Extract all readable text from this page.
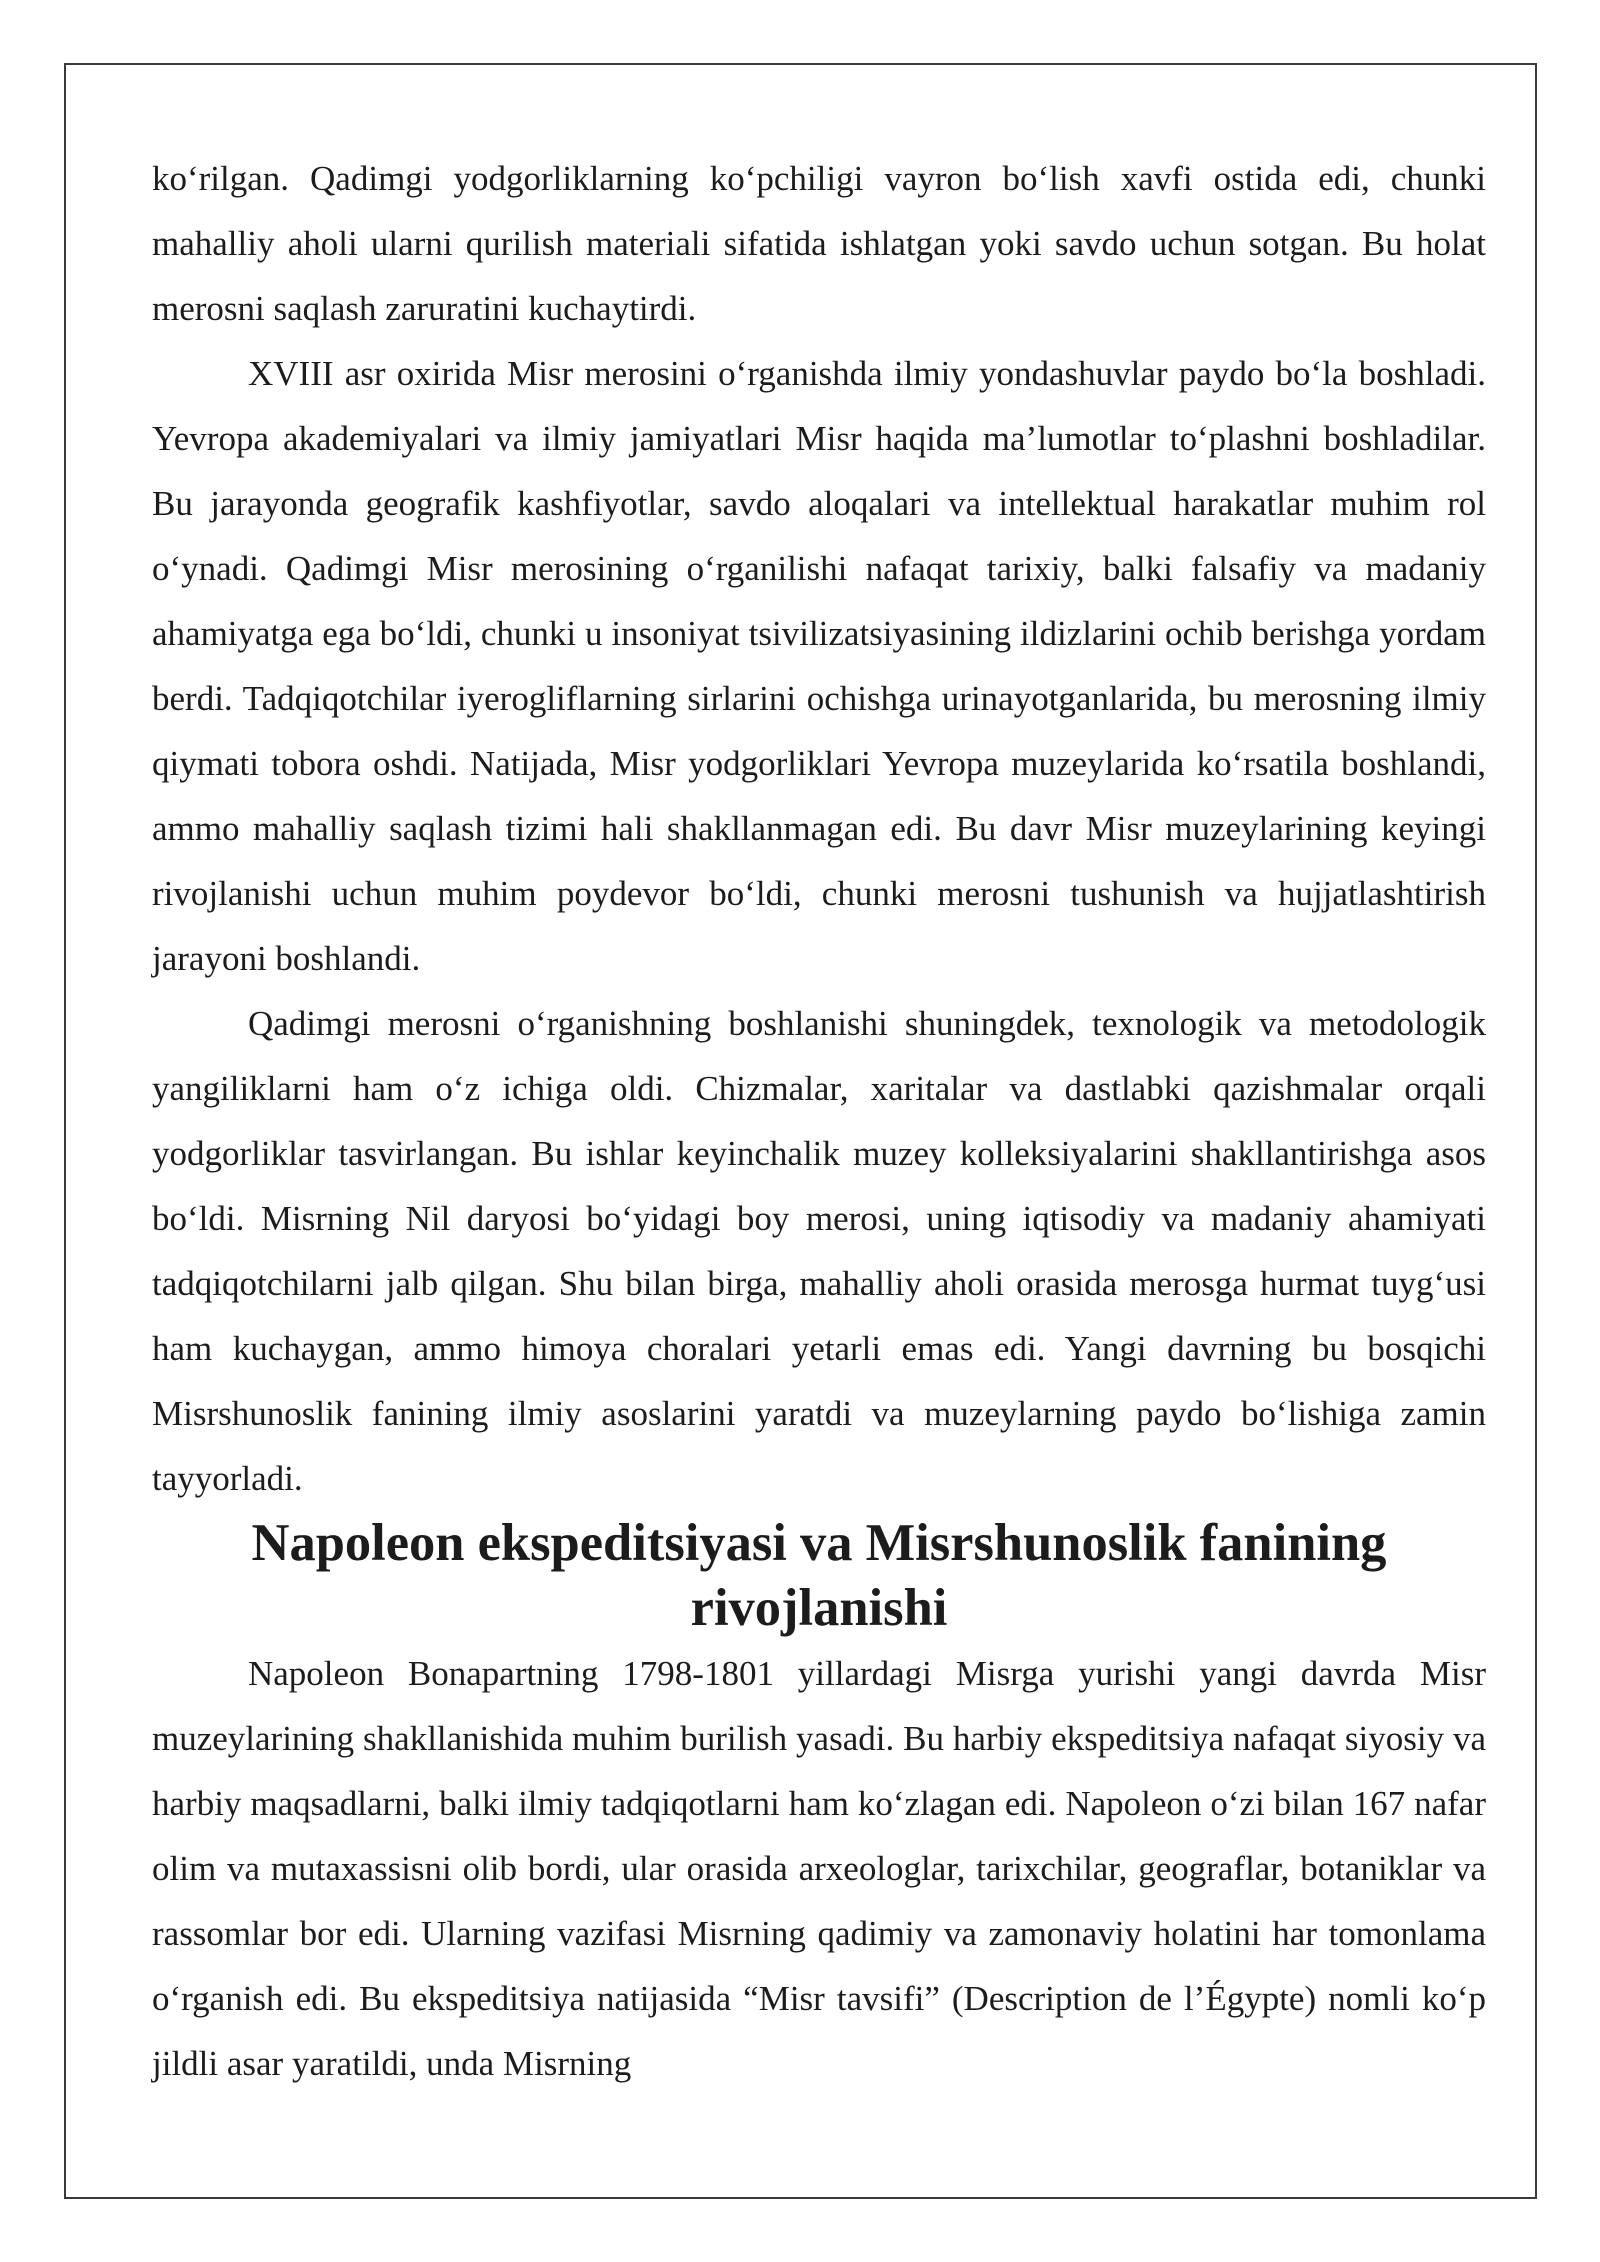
ko‘rilgan. Qadimgi yodgorliklarning ko‘pchiligi vayron bo‘lish xavfi ostida edi, chunki mahalliy aholi ularni qurilish materiali sifatida ishlatgan yoki savdo uchun sotgan. Bu holat merosni saqlash zaruratini kuchaytirdi.

XVIII asr oxirida Misr merosini o‘rganishda ilmiy yondashuvlar paydo bo‘la boshladi. Yevropa akademiyalari va ilmiy jamiyatlari Misr haqida ma’lumotlar to‘plashni boshladilar. Bu jarayonda geografik kashfiyotlar, savdo aloqalari va intellektual harakatlar muhim rol o‘ynadi. Qadimgi Misr merosining o‘rganilishi nafaqat tarixiy, balki falsafiy va madaniy ahamiyatga ega bo‘ldi, chunki u insoniyat tsivilizatsiyasining ildizlarini ochib berishga yordam berdi. Tadqiqotchilar iyerogliflarning sirlarini ochishga urinayotganlarida, bu merosning ilmiy qiymati tobora oshdi. Natijada, Misr yodgorliklari Yevropa muzeylarida ko‘rsatila boshlandi, ammo mahalliy saqlash tizimi hali shakllanmagan edi. Bu davr Misr muzeylarining keyingi rivojlanishi uchun muhim poydevor bo‘ldi, chunki merosni tushunish va hujjatlashtirish jarayoni boshlandi.

Qadimgi merosni o‘rganishning boshlanishi shuningdek, texnologik va metodologik yangiliklarni ham o‘z ichiga oldi. Chizmalar, xaritalar va dastlabki qazishmalar orqali yodgorliklar tasvirlangan. Bu ishlar keyinchalik muzey kolleksiyalarini shakllantirishga asos bo‘ldi. Misrning Nil daryosi bo‘yidagi boy merosi, uning iqtisodiy va madaniy ahamiyati tadqiqotchilarni jalb qilgan. Shu bilan birga, mahalliy aholi orasida merosga hurmat tuyg‘usi ham kuchaygan, ammo himoya choralari yetarli emas edi. Yangi davrning bu bosqichi Misrshunoslik fanining ilmiy asoslarini yaratdi va muzeylarning paydo bo‘lishiga zamin tayyorladi.

Napoleon ekspeditsiyasi va Misrshunoslik fanining rivojlanishi

Napoleon Bonapartning 1798-1801 yillardagi Misrga yurishi yangi davrda Misr muzeylarining shakllanishida muhim burilish yasadi. Bu harbiy ekspeditsiya nafaqat siyosiy va harbiy maqsadlarni, balki ilmiy tadqiqotlarni ham ko‘zlagan edi. Napoleon o‘zi bilan 167 nafar olim va mutaxassisni olib bordi, ular orasida arxeologlar, tarixchilar, geograflar, botaniklar va rassomlar bor edi. Ularning vazifasi Misrning qadimiy va zamonaviy holatini har tomonlama o‘rganish edi. Bu ekspeditsiya natijasida “Misr tavsifi” (Description de l’Égypte) nomli ko‘p jildli asar yaratildi, unda Misrning
